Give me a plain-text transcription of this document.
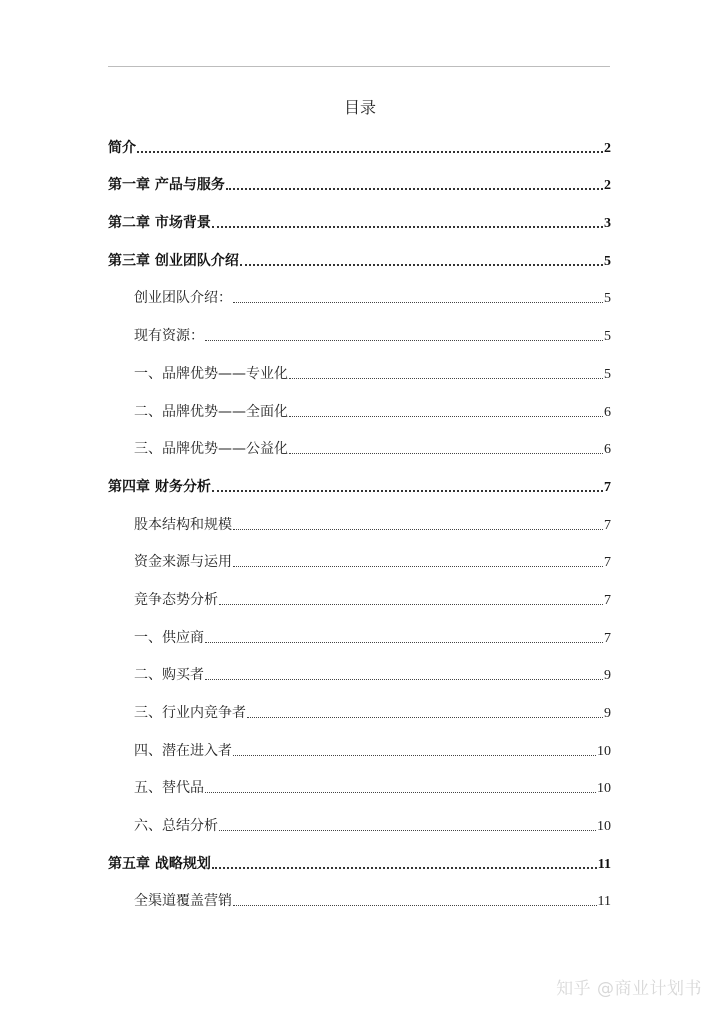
目录
简介	2
第一章 产品与服务	2
第二章 市场背景	3
第三章 创业团队介绍	5
创业团队介绍：	5
现有资源：	5
一、品牌优势——专业化	5
二、品牌优势——全面化	6
三、品牌优势——公益化	6
第四章 财务分析	7
股本结构和规模	7
资金来源与运用	7
竞争态势分析	7
一、供应商	7
二、购买者	9
三、行业内竞争者	9
四、潜在进入者	10
五、替代品	10
六、总结分析	10
第五章 战略规划	11
全渠道覆盖营销	11
知乎 @商业计划书
